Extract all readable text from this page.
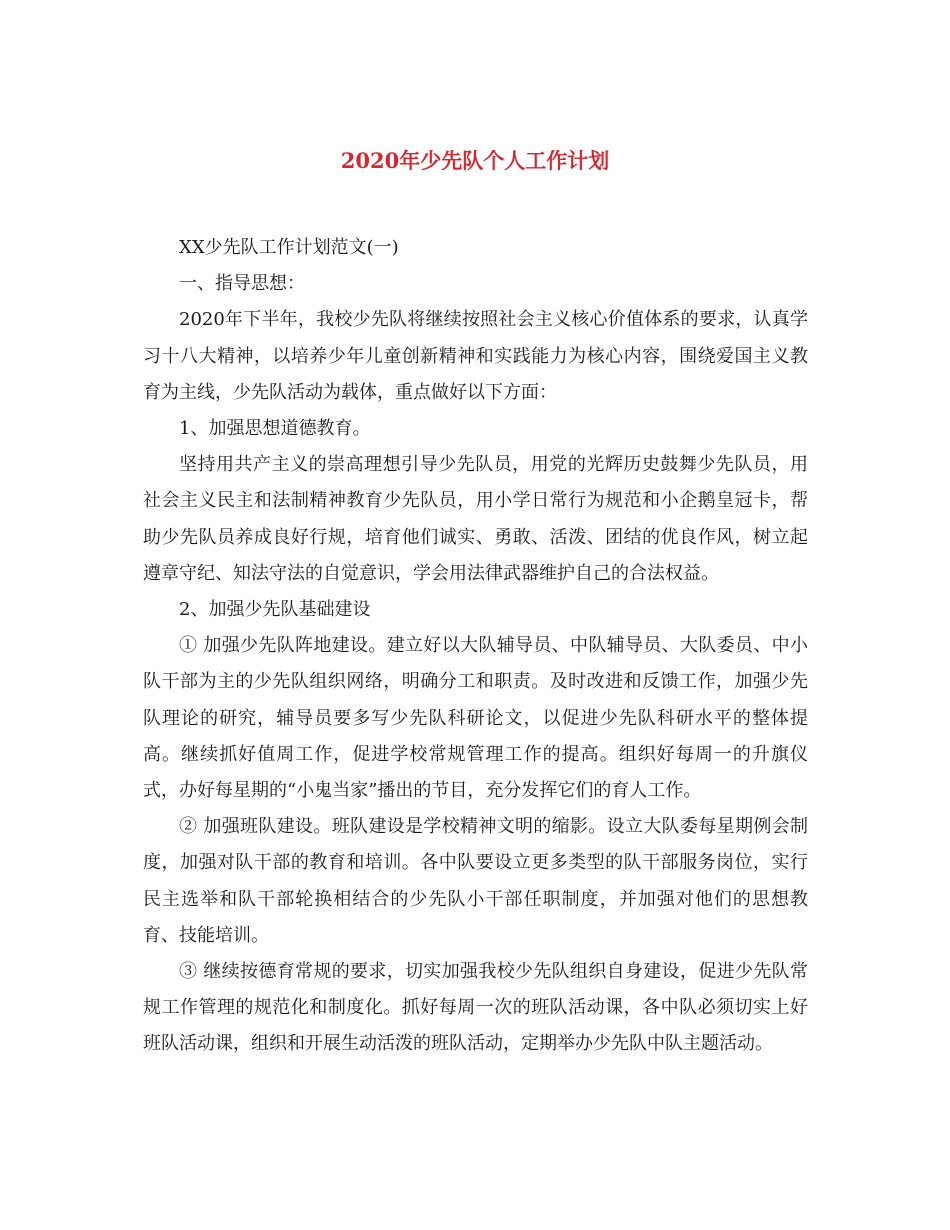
2020年少先队个人工作计划

XX少先队工作计划范文(一)

一、指导思想：

2020年下半年，我校少先队将继续按照社会主义核心价值体系的要求，认真学习十八大精神，以培养少年儿童创新精神和实践能力为核心内容，围绕爱国主义教育为主线，少先队活动为载体，重点做好以下方面：

1、加强思想道德教育。

坚持用共产主义的崇高理想引导少先队员，用党的光辉历史鼓舞少先队员，用社会主义民主和法制精神教育少先队员，用小学日常行为规范和小企鹅皇冠卡，帮助少先队员养成良好行规，培育他们诚实、勇敢、活泼、团结的优良作风，树立起遵章守纪、知法守法的自觉意识，学会用法律武器维护自己的合法权益。

2、加强少先队基础建设

① 加强少先队阵地建设。建立好以大队辅导员、中队辅导员、大队委员、中小队干部为主的少先队组织网络，明确分工和职责。及时改进和反馈工作，加强少先队理论的研究，辅导员要多写少先队科研论文，以促进少先队科研水平的整体提高。继续抓好值周工作，促进学校常规管理工作的提高。组织好每周一的升旗仪式，办好每星期的“小鬼当家”播出的节目，充分发挥它们的育人工作。

② 加强班队建设。班队建设是学校精神文明的缩影。设立大队委每星期例会制度，加强对队干部的教育和培训。各中队要设立更多类型的队干部服务岗位，实行民主选举和队干部轮换相结合的少先队小干部任职制度，并加强对他们的思想教育、技能培训。

③ 继续按德育常规的要求，切实加强我校少先队组织自身建设，促进少先队常规工作管理的规范化和制度化。抓好每周一次的班队活动课，各中队必须切实上好班队活动课，组织和开展生动活泼的班队活动，定期举办少先队中队主题活动。
